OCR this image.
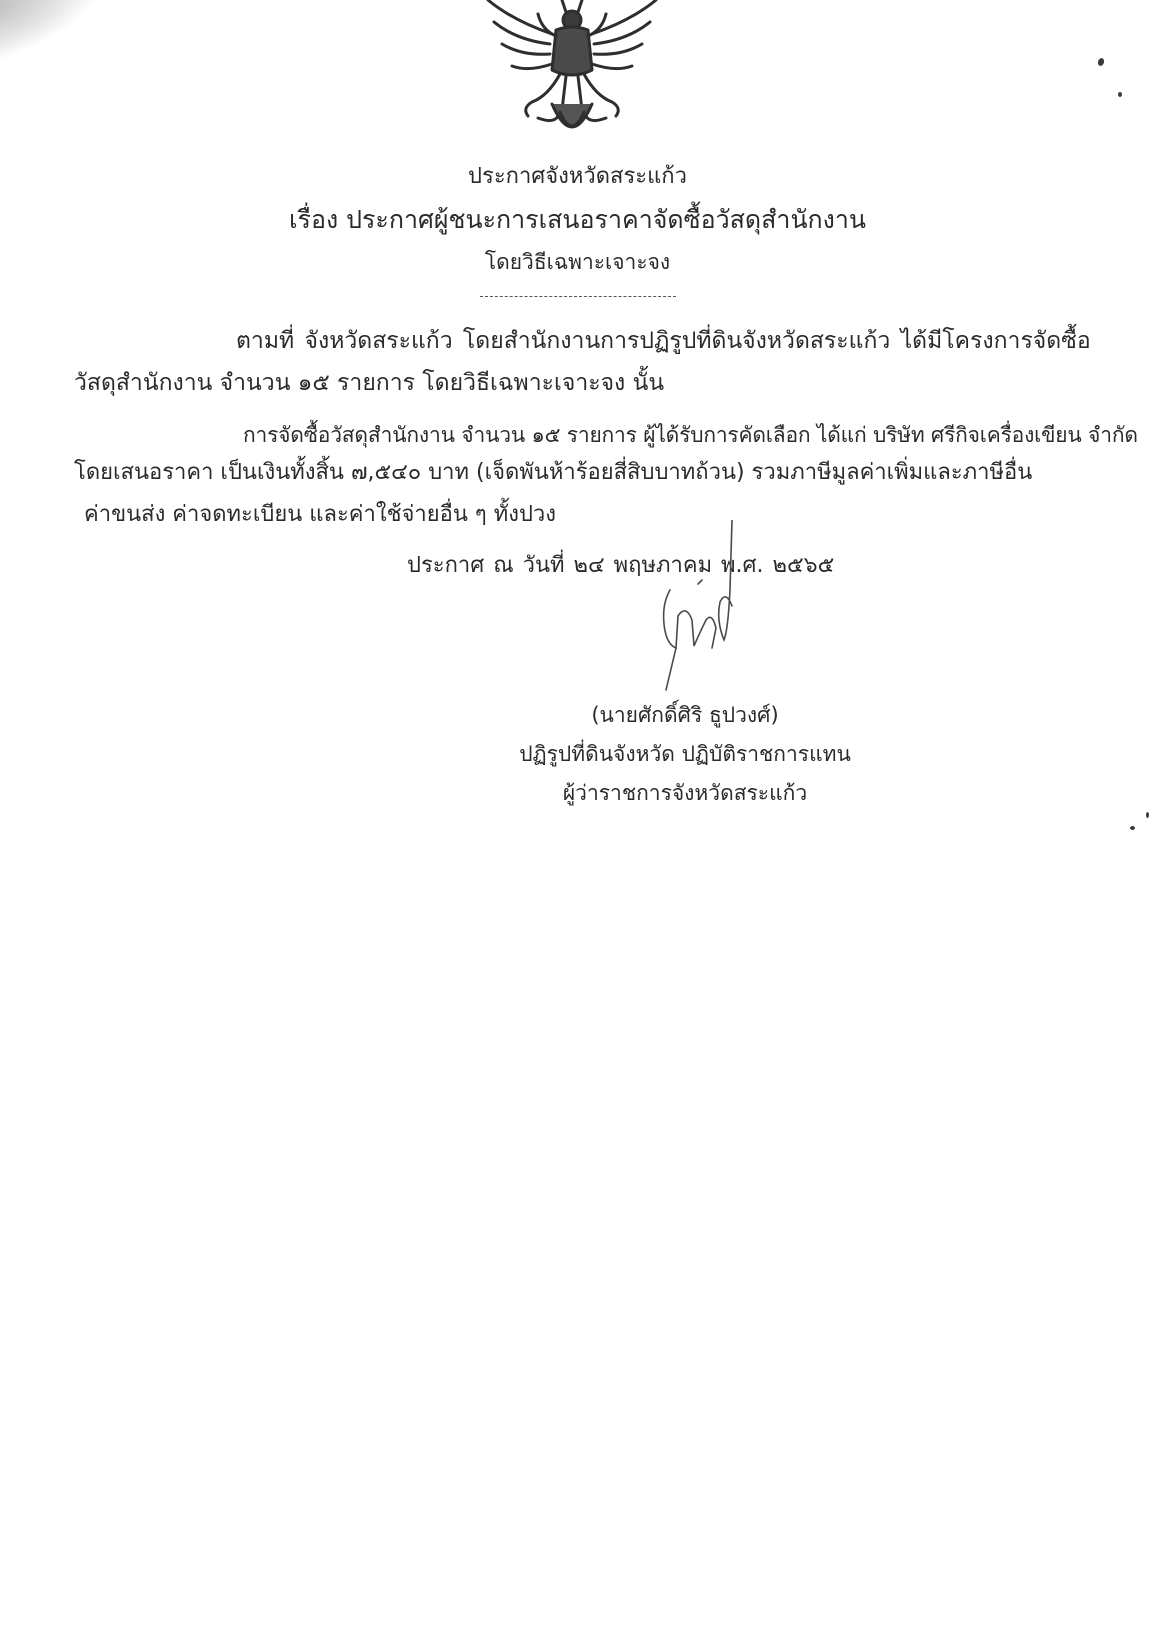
ประกาศจังหวัดสระแก้ว
เรื่อง ประกาศผู้ชนะการเสนอราคาจัดซื้อวัสดุสำนักงาน
โดยวิธีเฉพาะเจาะจง
ตามที่ จังหวัดสระแก้ว โดยสำนักงานการปฏิรูปที่ดินจังหวัดสระแก้ว ได้มีโครงการจัดซื้อ
วัสดุสำนักงาน จำนวน ๑๕ รายการ โดยวิธีเฉพาะเจาะจง นั้น
การจัดซื้อวัสดุสำนักงาน จำนวน ๑๕ รายการ ผู้ได้รับการคัดเลือก ได้แก่ บริษัท ศรีกิจเครื่องเขียน จำกัด
โดยเสนอราคา เป็นเงินทั้งสิ้น ๗,๕๔๐ บาท (เจ็ดพันห้าร้อยสี่สิบบาทถ้วน) รวมภาษีมูลค่าเพิ่มและภาษีอื่น
ค่าขนส่ง ค่าจดทะเบียน และค่าใช้จ่ายอื่น ๆ ทั้งปวง
ประกาศ ณ วันที่ ๒๔ พฤษภาคม พ.ศ. ๒๕๖๕
(นายศักดิ์ศิริ ธูปวงศ์)
ปฏิรูปที่ดินจังหวัด ปฏิบัติราชการแทน
ผู้ว่าราชการจังหวัดสระแก้ว
